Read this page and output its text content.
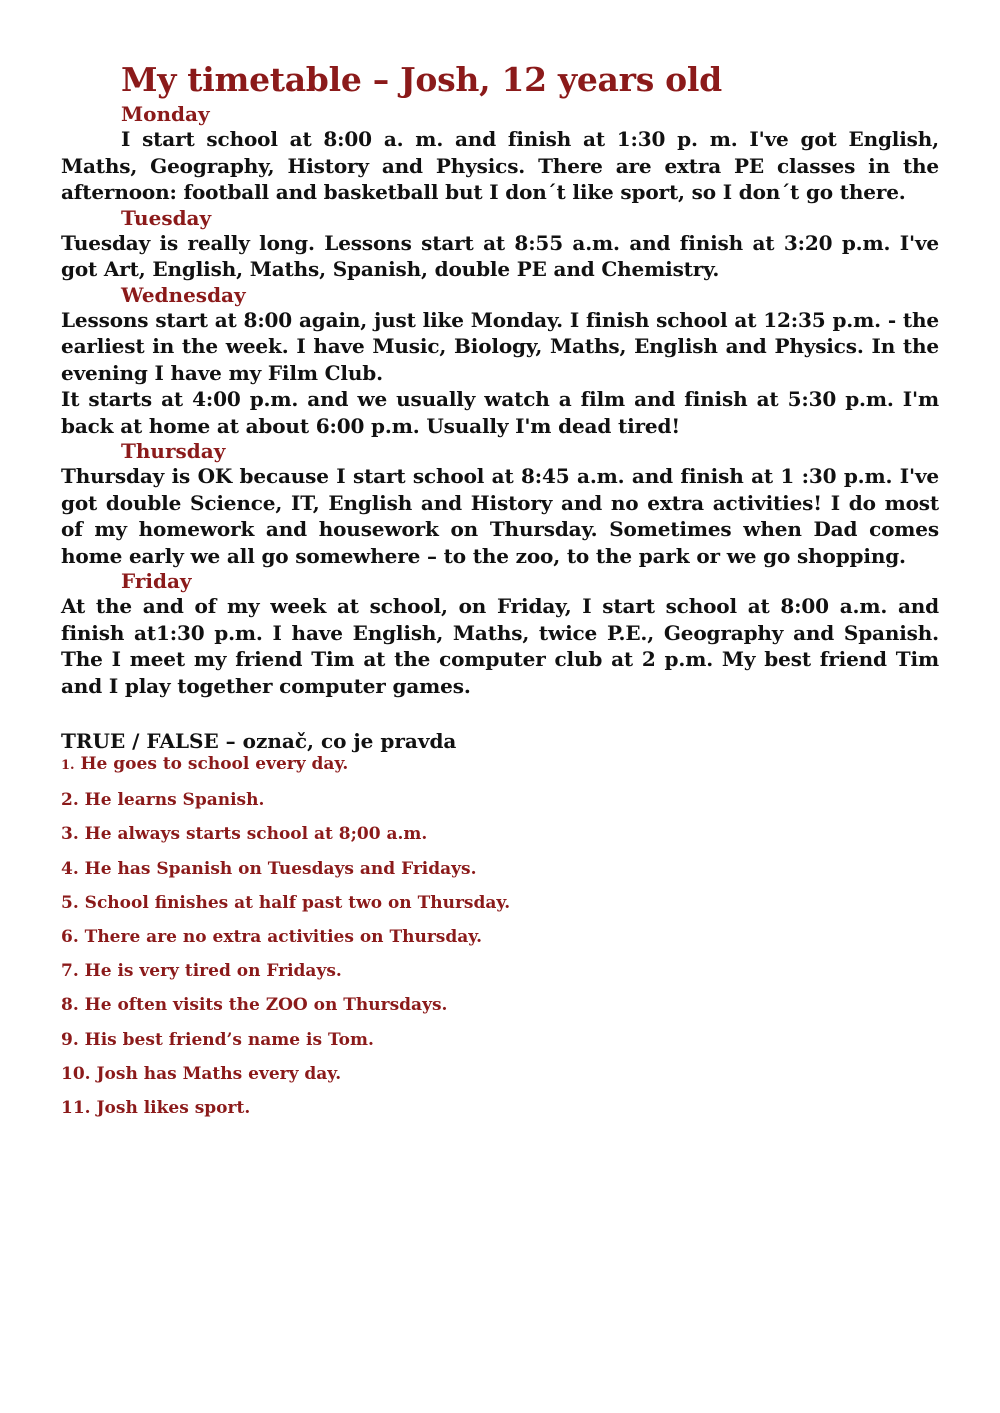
My timetable – Josh, 12 years old
Monday

I start school at 8:00 a. m. and finish at 1:30 p. m. I've got English, Maths, Geography, History and Physics. There are extra PE classes in the afternoon: football and basketball but I don´t like sport, so I don´t go there.

Tuesday

Tuesday is really long. Lessons start at 8:55 a.m. and finish at 3:20 p.m. I've got Art, English, Maths, Spanish, double PE and Chemistry.

Wednesday

Lessons start at 8:00 again, just like Monday. I finish school at 12:35 p.m. - the earliest in the week. I have Music, Biology, Maths, English and Physics. In the evening I have my Film Club.

It starts at 4:00 p.m. and we usually watch a film and finish at 5:30 p.m. I'm back at home at about 6:00 p.m. Usually I'm dead tired!

Thursday

Thursday is OK because I start school at 8:45 a.m. and finish at 1 :30 p.m. I've got double Science, IT, English and History and no extra activities! I do most of my homework and housework on Thursday. Sometimes when Dad comes home early we all go somewhere – to the zoo, to the park or we go shopping.

Friday

At the and of my week at school, on Friday, I start school at 8:00 a.m. and finish at1:30 p.m. I have English, Maths, twice P.E., Geography and Spanish. The I meet my friend Tim at the computer club at 2 p.m. My best friend Tim and I play together computer games.

TRUE / FALSE – označ, co je pravda
1. He goes to school every day.
2. He learns Spanish.
3. He always starts school at 8;00 a.m.
4. He has Spanish on Tuesdays and Fridays.
5. School finishes at half past two on Thursday.
6. There are no extra activities on Thursday.
7. He is very tired on Fridays.
8. He often visits the ZOO on Thursdays.
9. His best friend’s name is Tom.
10. Josh has Maths every day.
11. Josh likes sport.
